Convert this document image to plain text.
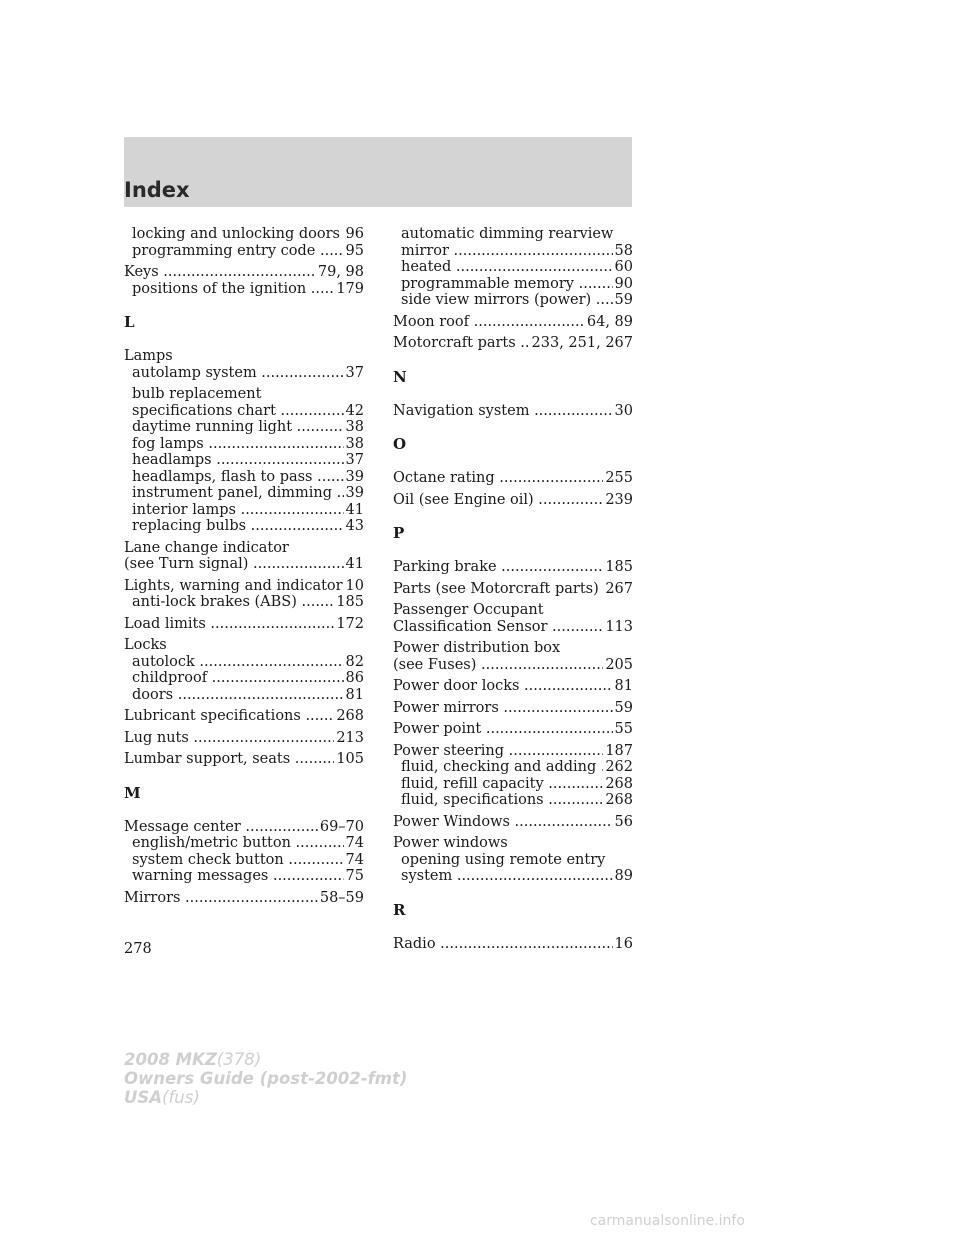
Index
locking and unlocking doors 96
.....
programming entry code 95
.....
Keys	79, 98
.....
positions of the ignition 179
.....
L
Lamps
autolamp system	37
.....
bulb replacement
specifications chart	42
.....
daytime running light	38
.....
fog lamps	38
.....
headlamps	37
.....
headlamps, flash to pass 39
.....
instrument panel, dimming 39
.....
interior lamps	41
.....
replacing bulbs	43
.....
Lane change indicator
(see Turn signal)	41
.....
Lights, warning and indicator 10
.....
anti-lock brakes (ABS)	185
.....
Load limits	172
.....
Locks
autolock	82
.....
childproof	86
.....
doors	81
.....
Lubricant specifications 268
.....
Lug nuts	213
.....
Lumbar support, seats	105
.....
M
Message center	69–70
.....
english/metric button	74
.....
system check button	74
.....
warning messages	75
.....
Mirrors	58–59
.....
automatic dimming rearview
mirror	58
.....
heated	60
.....
programmable memory	90
.....
side view mirrors (power) 59
.....
Moon roof	64, 89
.....
Motorcraft parts 233, 251, 267
.....
N
Navigation system	30
.....
O
Octane rating	255
.....
Oil (see Engine oil)	239
.....
P
Parking brake	185
.....
Parts (see Motorcraft parts) 267
.....
Passenger Occupant
Classification Sensor	113
.....
Power distribution box
(see Fuses)	205
.....
Power door locks	81
.....
Power mirrors	59
.....
Power point	55
.....
Power steering	187
.....
fluid, checking and adding 262
.....
fluid, refill capacity	268
.....
fluid, specifications	268
.....
Power Windows	56
.....
Power windows
opening using remote entry
system	89
.....
R
Radio	16
.....
278
2008 MKZ(378)
Owners Guide (post-2002-fmt)
USA(fus)
carmanualsonline.info
